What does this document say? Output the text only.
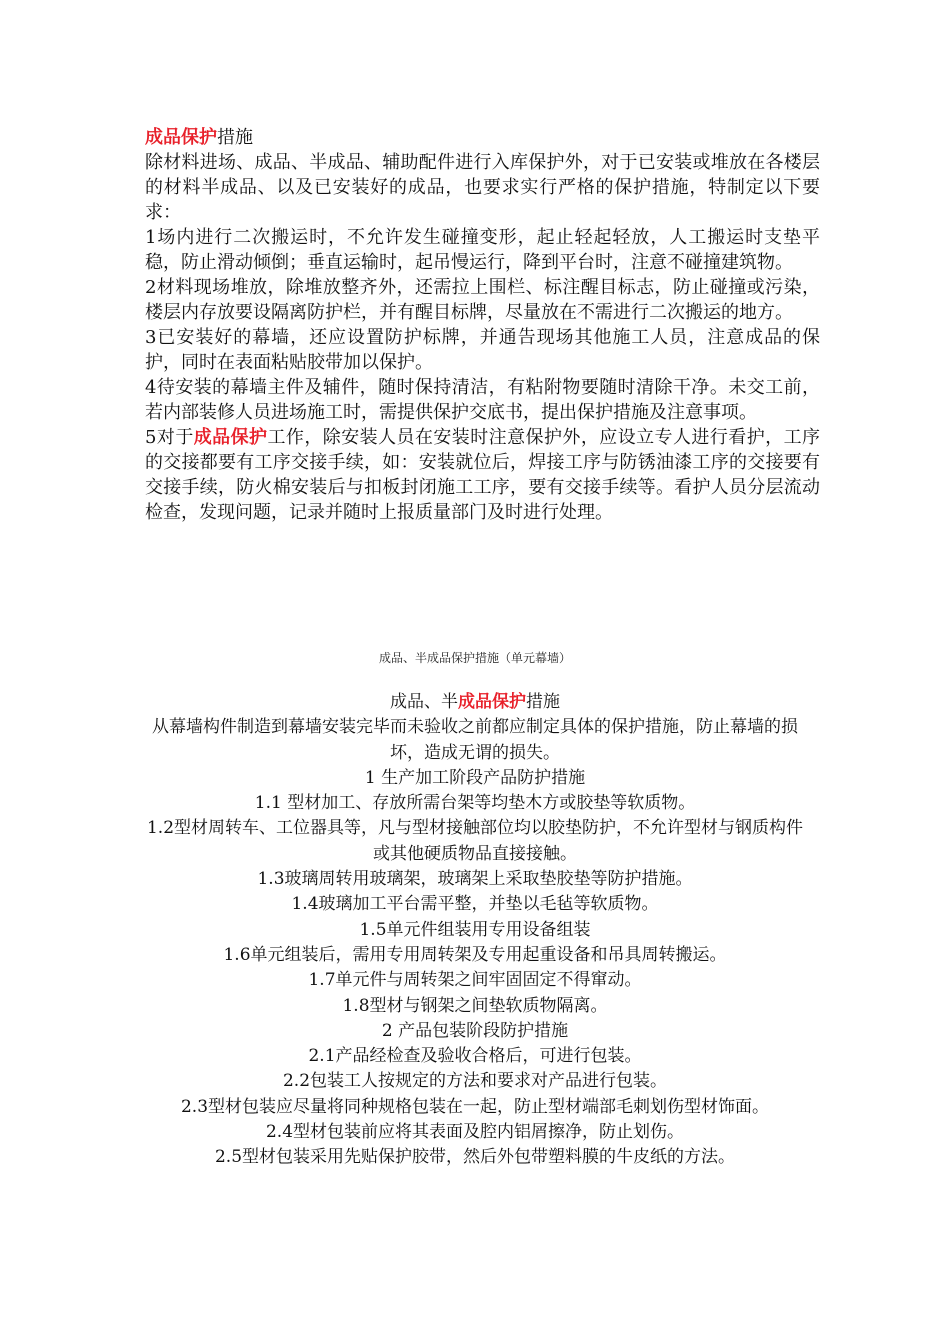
成品保护措施

除材料进场、成品、半成品、辅助配件进行入库保护外，对于已安装或堆放在各楼层的材料半成品、以及已安装好的成品，也要求实行严格的保护措施，特制定以下要求：

1场内进行二次搬运时，不允许发生碰撞变形，起止轻起轻放，人工搬运时支垫平稳，防止滑动倾倒；垂直运输时，起吊慢运行，降到平台时，注意不碰撞建筑物。

2材料现场堆放，除堆放整齐外，还需拉上围栏、标注醒目标志，防止碰撞或污染，楼层内存放要设隔离防护栏，并有醒目标牌，尽量放在不需进行二次搬运的地方。

3已安装好的幕墙，还应设置防护标牌，并通告现场其他施工人员，注意成品的保护，同时在表面粘贴胶带加以保护。

4待安装的幕墙主件及辅件，随时保持清洁，有粘附物要随时清除干净。未交工前，若内部装修人员进场施工时，需提供保护交底书，提出保护措施及注意事项。

5对于成品保护工作，除安装人员在安装时注意保护外，应设立专人进行看护，工序的交接都要有工序交接手续，如：安装就位后，焊接工序与防锈油漆工序的交接要有交接手续，防火棉安装后与扣板封闭施工工序，要有交接手续等。看护人员分层流动检查，发现问题，记录并随时上报质量部门及时进行处理。

成品、半成品保护措施（单元幕墙）

成品、半成品保护措施

从幕墙构件制造到幕墙安装完毕而未验收之前都应制定具体的保护措施，防止幕墙的损坏，造成无谓的损失。

1 生产加工阶段产品防护措施

1.1 型材加工、存放所需台架等均垫木方或胶垫等软质物。

1.2型材周转车、工位器具等，凡与型材接触部位均以胶垫防护，不允许型材与钢质构件或其他硬质物品直接接触。

1.3玻璃周转用玻璃架，玻璃架上采取垫胶垫等防护措施。

1.4玻璃加工平台需平整，并垫以毛毡等软质物。

1.5单元件组装用专用设备组装

1.6单元组装后，需用专用周转架及专用起重设备和吊具周转搬运。

1.7单元件与周转架之间牢固固定不得窜动。

1.8型材与钢架之间垫软质物隔离。

2 产品包装阶段防护措施

2.1产品经检查及验收合格后，可进行包装。

2.2包装工人按规定的方法和要求对产品进行包装。

2.3型材包装应尽量将同种规格包装在一起，防止型材端部毛刺划伤型材饰面。

2.4型材包装前应将其表面及腔内铝屑擦净，防止划伤。

2.5型材包装采用先贴保护胶带，然后外包带塑料膜的牛皮纸的方法。
